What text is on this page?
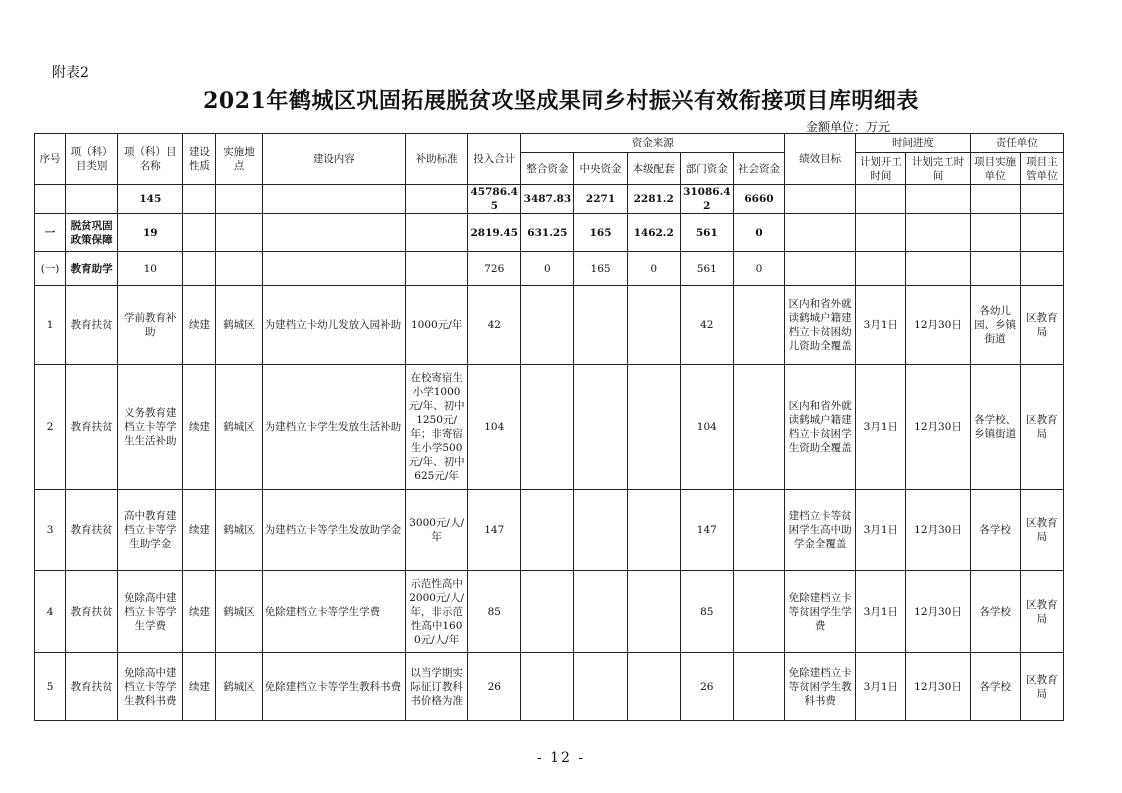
附表2
2021年鹤城区巩固拓展脱贫攻坚成果同乡村振兴有效衔接项目库明细表
金额单位：万元
序号	项（科）目类别	项（科）目名称	建设性质	实施地点	建设内容	补助标准	投入合计	资金来源					绩效目标	时间进度		责任单位	
								整合资金	中央资金	本级配套	部门资金	社会资金		计划开工时间	计划完工时间	项目实施单位	项目主管单位
		145					45786.45	3487.83	2271	2281.2	31086.42	6660					
一	脱贫巩固政策保障	19					2819.45	631.25	165	1462.2	561	0					
(一)	教育助学	10					726	0	165	0	561	0					
1	教育扶贫	学前教育补助	续建	鹤城区	为建档立卡幼儿发放入园补助	1000元/年	42				42		区内和省外就读鹤城户籍建档立卡贫困幼儿资助全覆盖	3月1日	12月30日	各幼儿园、乡镇街道	区教育局
2	教育扶贫	义务教育建档立卡等学生生活补助	续建	鹤城区	为建档立卡学生发放生活补助	在校寄宿生小学1000元/年、初中1250元/年；非寄宿生小学500元/年、初中625元/年	104				104		区内和省外就读鹤城户籍建档立卡贫困学生资助全覆盖	3月1日	12月30日	各学校、乡镇街道	区教育局
3	教育扶贫	高中教育建档立卡等学生助学金	续建	鹤城区	为建档立卡等学生发放助学金	3000元/人/年	147				147		建档立卡等贫困学生高中助学金全覆盖	3月1日	12月30日	各学校	区教育局
4	教育扶贫	免除高中建档立卡等学生学费	续建	鹤城区	免除建档立卡等学生学费	示范性高中2000元/人/年，非示范性高中1600元/人/年	85				85		免除建档立卡等贫困学生学费	3月1日	12月30日	各学校	区教育局
5	教育扶贫	免除高中建档立卡等学生教科书费	续建	鹤城区	免除建档立卡等学生教科书费	以当学期实际征订教科书价格为准	26				26		免除建档立卡等贫困学生教科书费	3月1日	12月30日	各学校	区教育局
- 12 -
